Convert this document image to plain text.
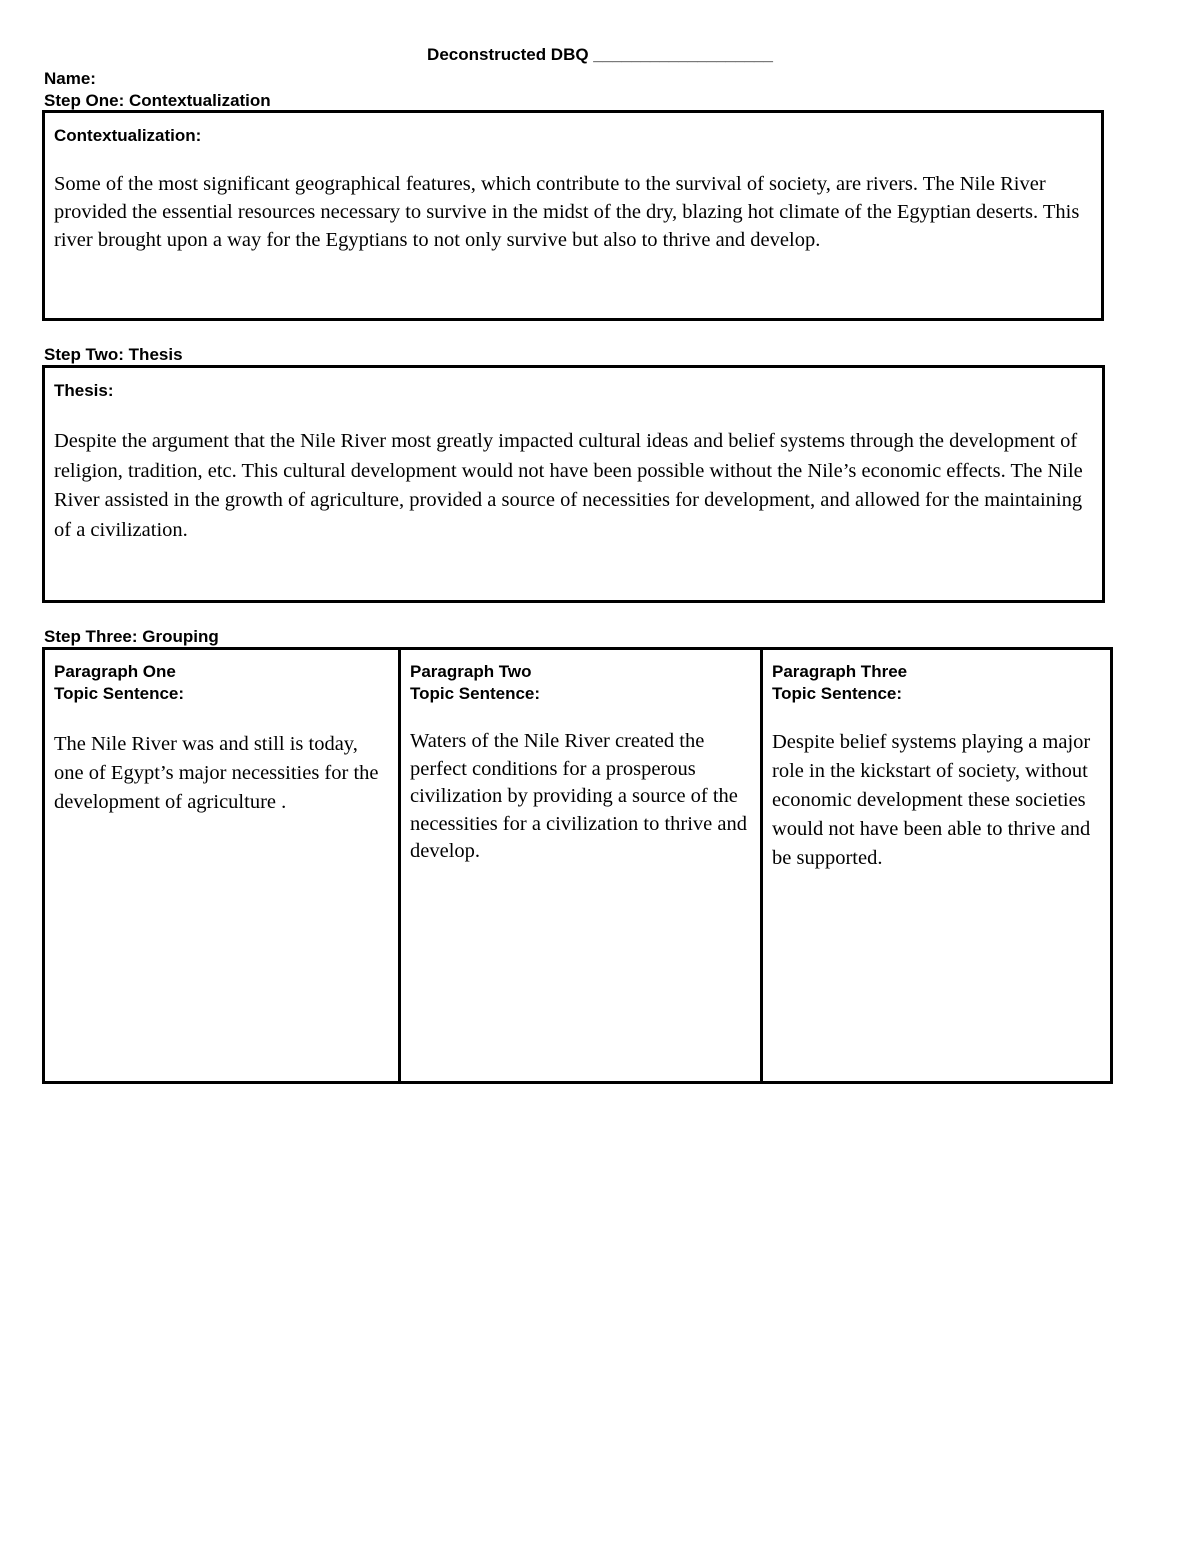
Deconstructed DBQ ___________________
Name:
Step One: Contextualization
Contextualization:
Some of the most significant geographical features, which contribute to the survival of society, are rivers. The Nile River provided the essential resources necessary to survive in the midst of the dry, blazing hot climate of the Egyptian deserts. This river brought upon a way for the Egyptians to not only survive but also to thrive and develop.
Step Two: Thesis
Thesis:
Despite the argument that the Nile River most greatly impacted cultural ideas and belief systems through the development of religion, tradition, etc. This cultural development would not have been possible without the Nile’s economic effects. The Nile River assisted in the growth of agriculture, provided a source of necessities for development, and allowed for the maintaining of a civilization.
Step Three: Grouping
Paragraph One
Topic Sentence:
The Nile River was and still is today, one of Egypt’s major necessities for the development of agriculture .
Paragraph Two
Topic Sentence:
Waters of the Nile River created the perfect conditions for a prosperous civilization by providing a source of the necessities for a civilization to thrive and develop.
Paragraph Three
Topic Sentence:
Despite belief systems playing a major role in the kickstart of society, without economic development these societies would not have been able to thrive and be supported.
